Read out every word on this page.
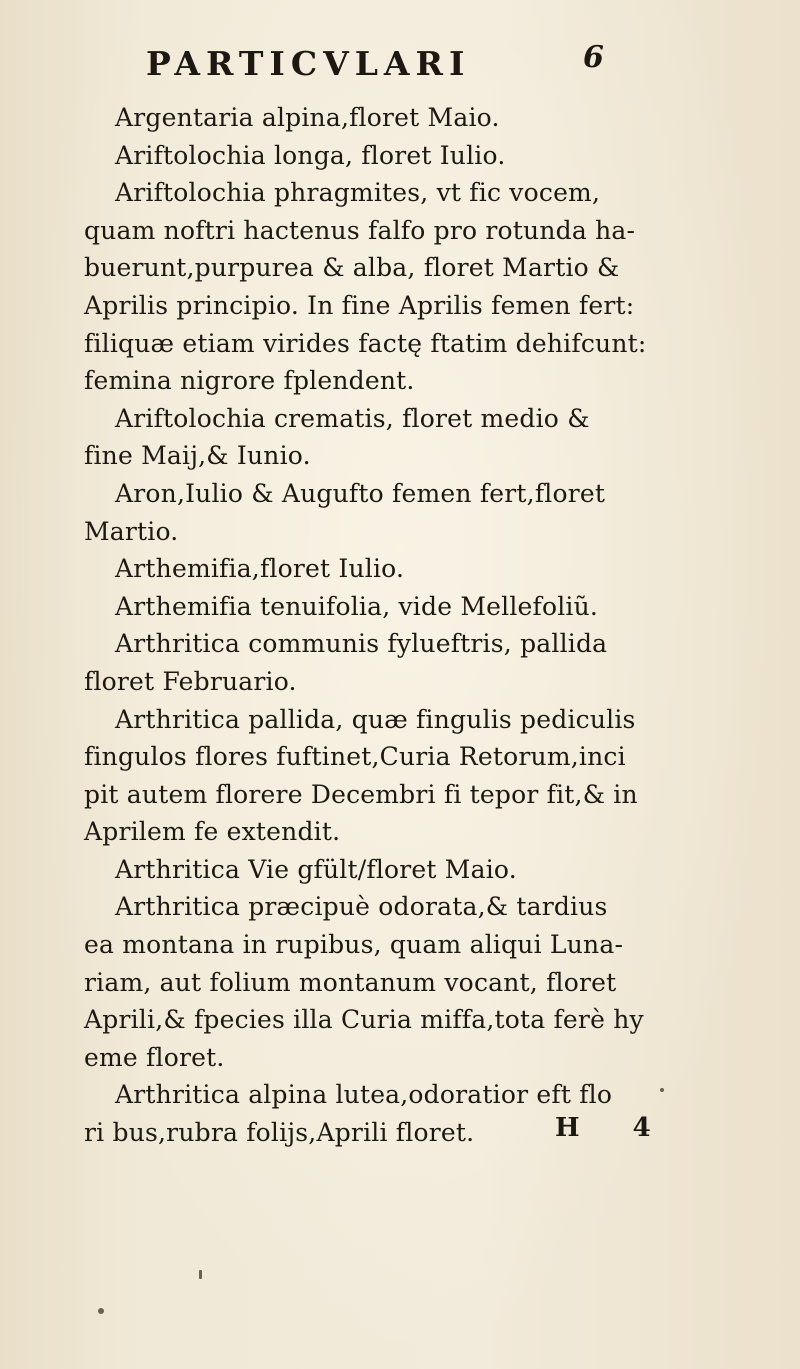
PARTICVLARI	6
Argentaria alpina,floret Maio.
Ariftolochia longa, floret Iulio.
Ariftolochia phragmites, vt fic vocem,
quam noftri hactenus falfo pro rotunda ha-
buerunt,purpurea & alba, floret Martio &
Aprilis principio. In fine Aprilis femen fert:
filiquæ etiam virides factę ftatim dehifcunt:
femina nigrore fplendent.
Ariftolochia crematis, floret medio &
fine Maij,& Iunio.
Aron,Iulio & Augufto femen fert,floret
Martio.
Arthemifia,floret Iulio.
Arthemifia tenuifolia, vide Mellefoliũ.
Arthritica communis fylueftris, pallida
floret Februario.
Arthritica pallida, quæ fingulis pediculis
fingulos flores fuftinet,Curia Retorum,inci
pit autem florere Decembri fi tepor fit,& in
Aprilem fe extendit.
Arthritica Vie gfült/floret Maio.
Arthritica præcipuè odorata,& tardius
ea montana in rupibus, quam aliqui Luna-
riam, aut folium montanum vocant, floret
Aprili,& fpecies illa Curia miffa,tota ferè hy
eme floret.
Arthritica alpina lutea,odoratior eft flo
ri bus,rubra folijs,Aprili floret.	H 4
